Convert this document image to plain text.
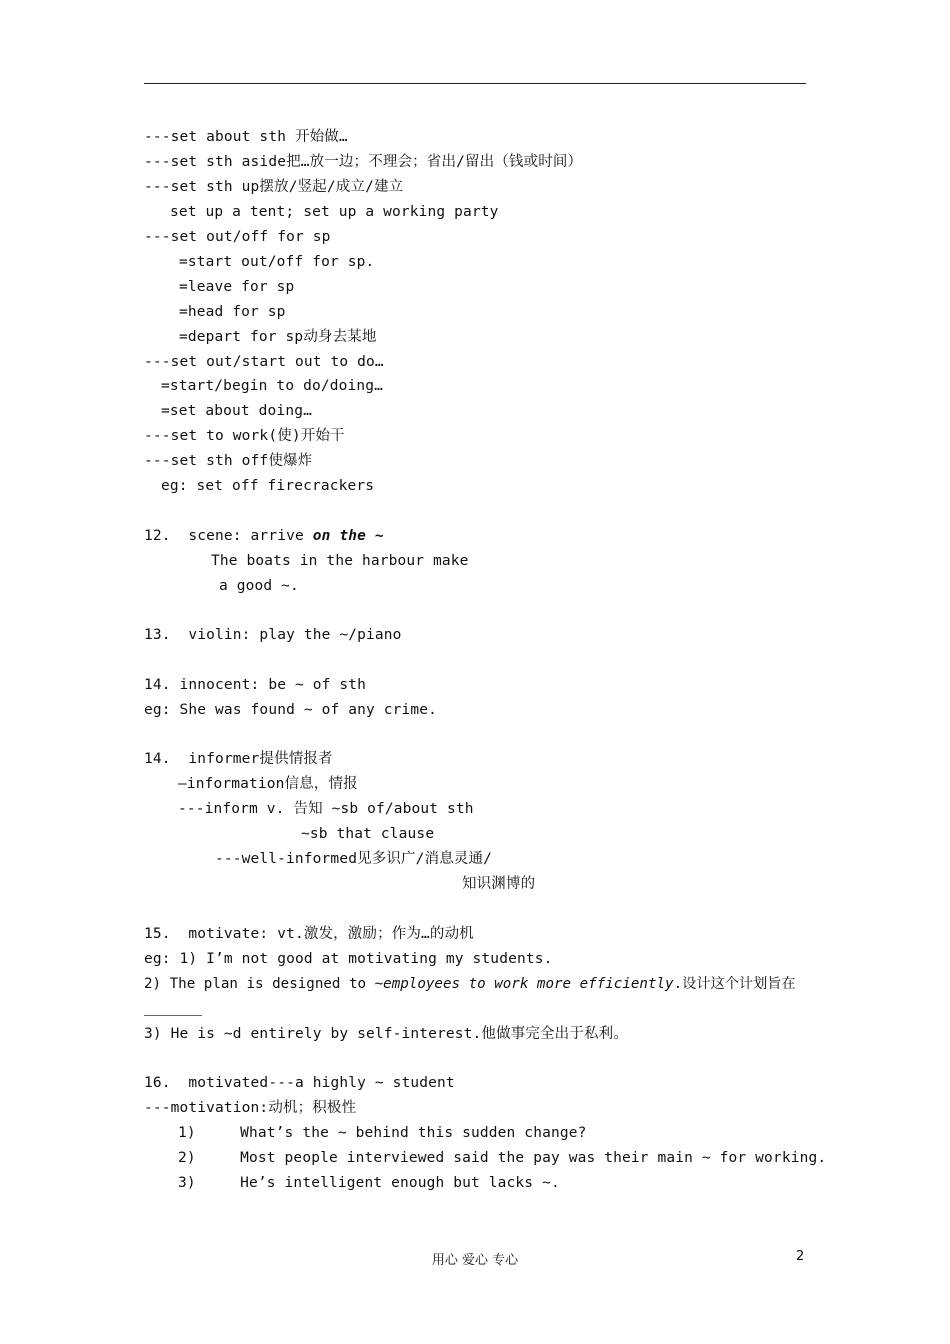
---set about sth 开始做…
---set sth aside把…放一边；不理会；省出/留出（钱或时间）
---set sth up摆放/竖起/成立/建立
set up a tent; set up a working party
---set out/off for sp
=start out/off for sp.
=leave for sp
=head for sp
=depart for sp动身去某地
---set out/start out to do…
=start/begin to do/doing…
=set about doing…
---set to work(使)开始干
---set sth off使爆炸
eg: set off firecrackers
12.  scene: arrive on the ~
The boats in the harbour make
a good ~.
13.  violin: play the ~/piano
14. innocent: be ~ of sth
eg: She was found ~ of any crime.
14.  informer提供情报者
—information信息，情报
---inform v. 告知 ~sb of/about sth
~sb that clause
---well-informed见多识广/消息灵通/
知识渊博的
15.  motivate: vt.激发，激励；作为…的动机
eg: 1) I’m not good at motivating my students.
2) The plan is designed to ~employees to work more efficiently.设计这个计划旨在
3) He is ~d entirely by self-interest.他做事完全出于私利。
16.  motivated---a highly ~ student
---motivation:动机；积极性
1)     What’s the ~ behind this sudden change?
2)     Most people interviewed said the pay was their main ~ for working.
3)     He’s intelligent enough but lacks ~.
用心 爱心 专心	2
